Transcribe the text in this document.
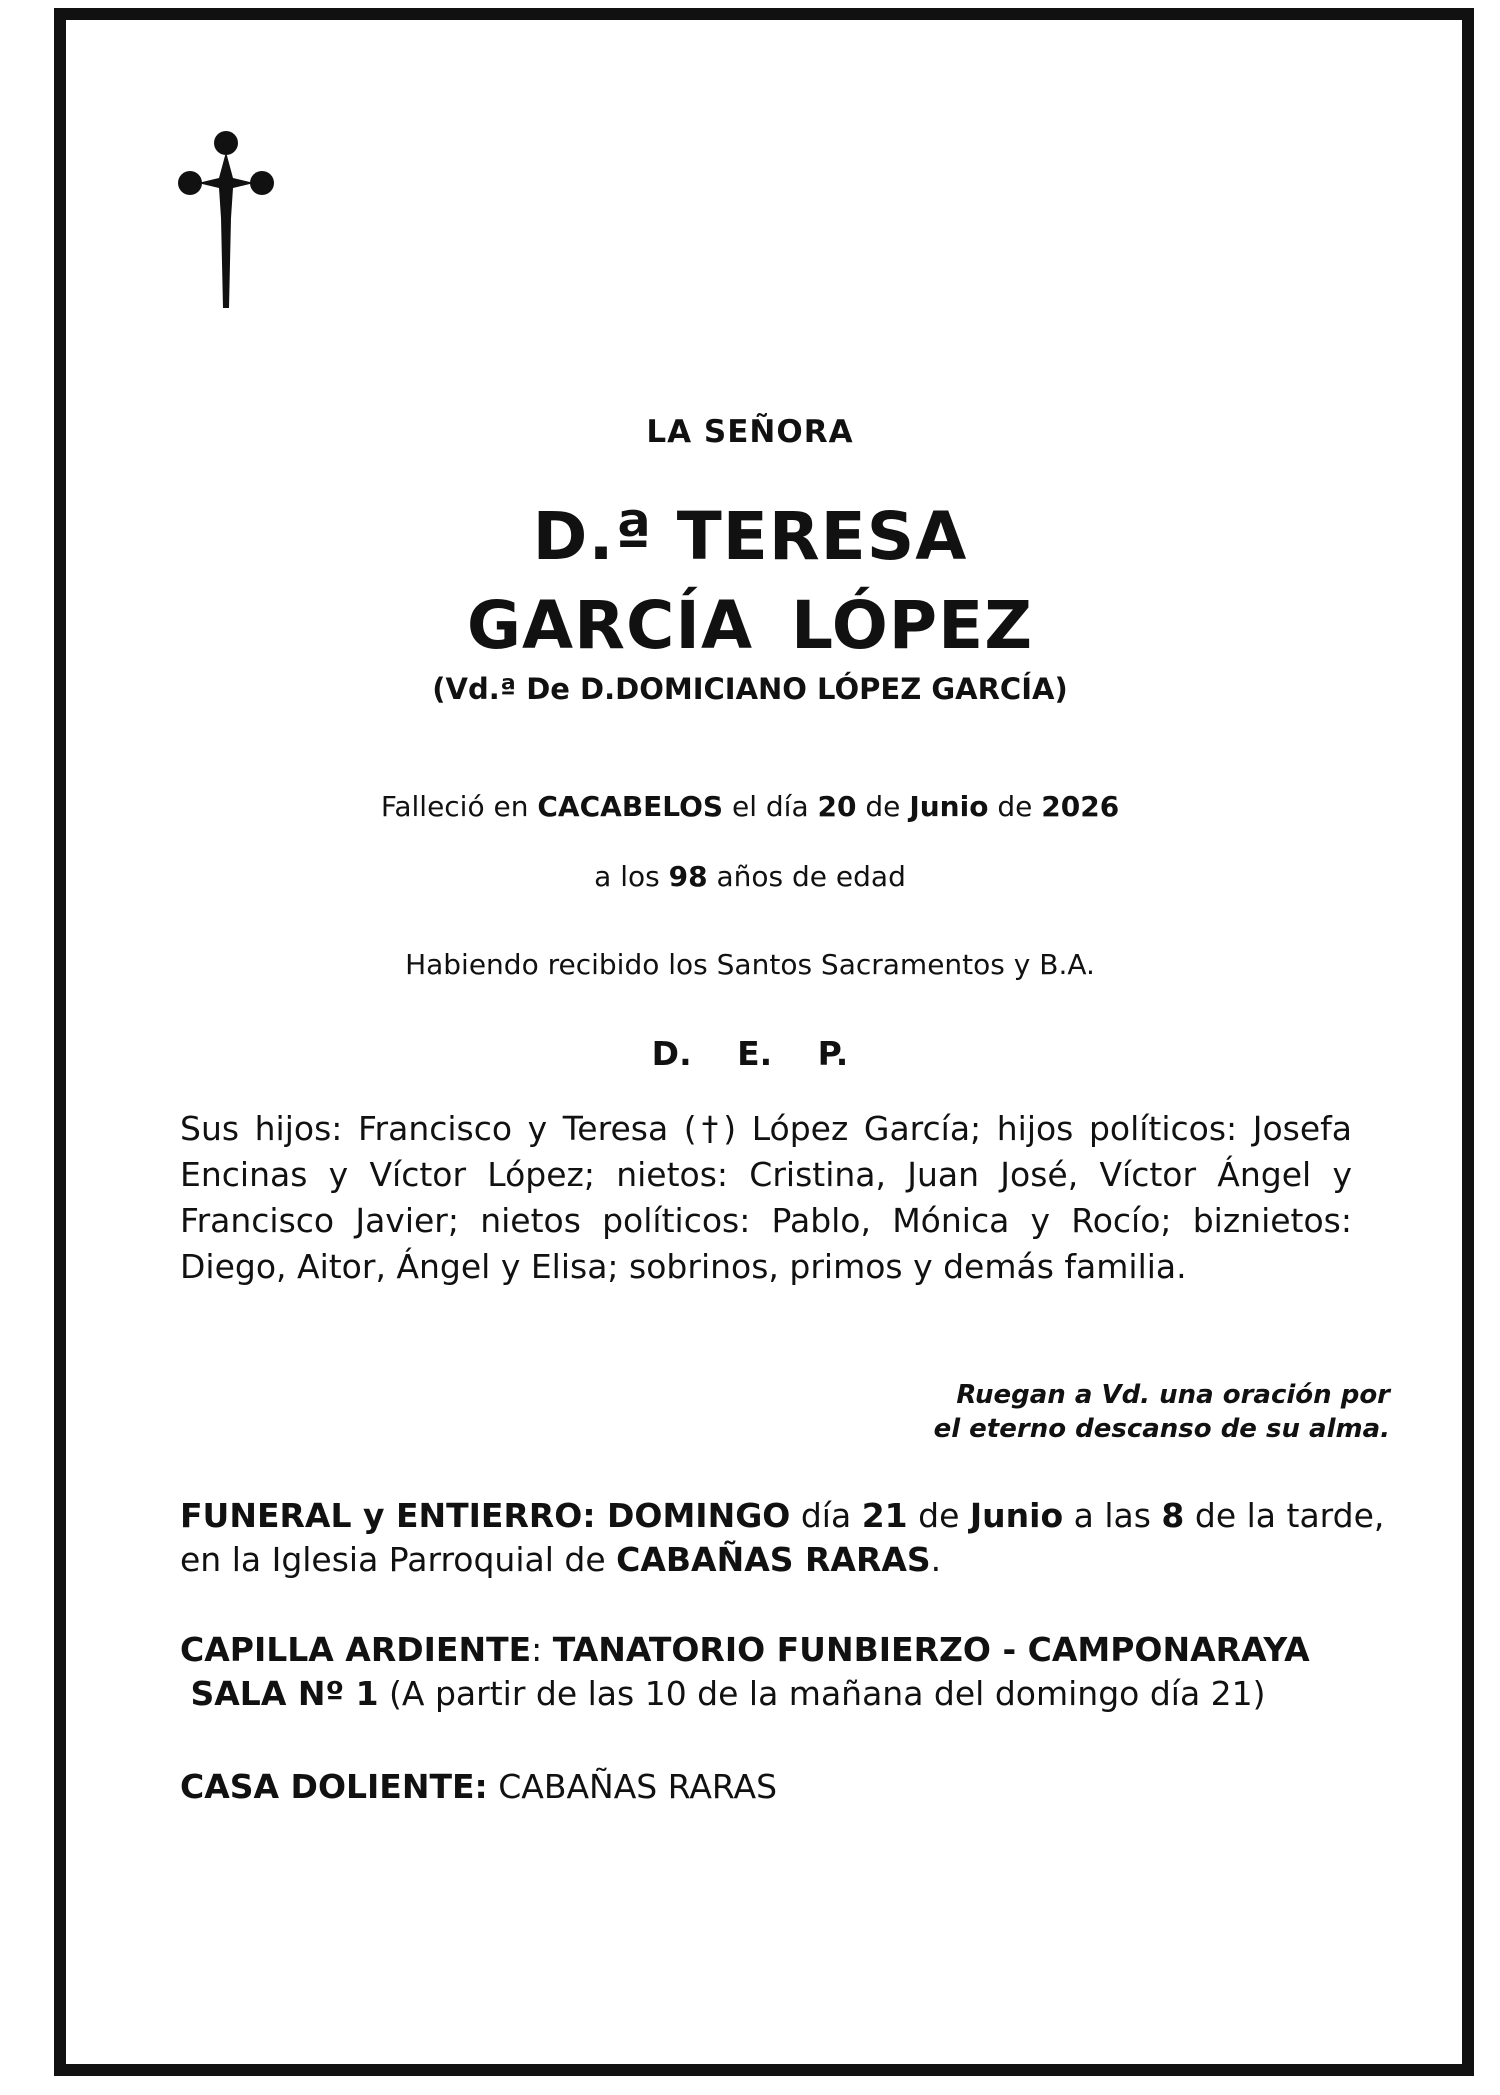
LA SEÑORA
D.ª TERESA
GARCÍA LÓPEZ
(Vd.ª De D.DOMICIANO LÓPEZ GARCÍA)
Falleció en CACABELOS el día 20 de Junio de 2026
a los 98 años de edad
Habiendo recibido los Santos Sacramentos y B.A.
D. E. P.
Sus hijos: Francisco y Teresa (†) López García; hijos políticos: Josefa Encinas y Víctor López; nietos: Cristina, Juan José, Víctor Ángel y Francisco Javier; nietos políticos: Pablo, Mónica y Rocío; biznietos: Diego, Aitor, Ángel y Elisa; sobrinos, primos y demás familia.
Ruegan a Vd. una oración por
el eterno descanso de su alma.
FUNERAL y ENTIERRO: DOMINGO día 21 de Junio a las 8 de la tarde,
en la Iglesia Parroquial de CABAÑAS RARAS.
CAPILLA ARDIENTE: TANATORIO FUNBIERZO - CAMPONARAYA
SALA Nº 1 (A partir de las 10 de la mañana del domingo día 21)
CASA DOLIENTE: CABAÑAS RARAS
